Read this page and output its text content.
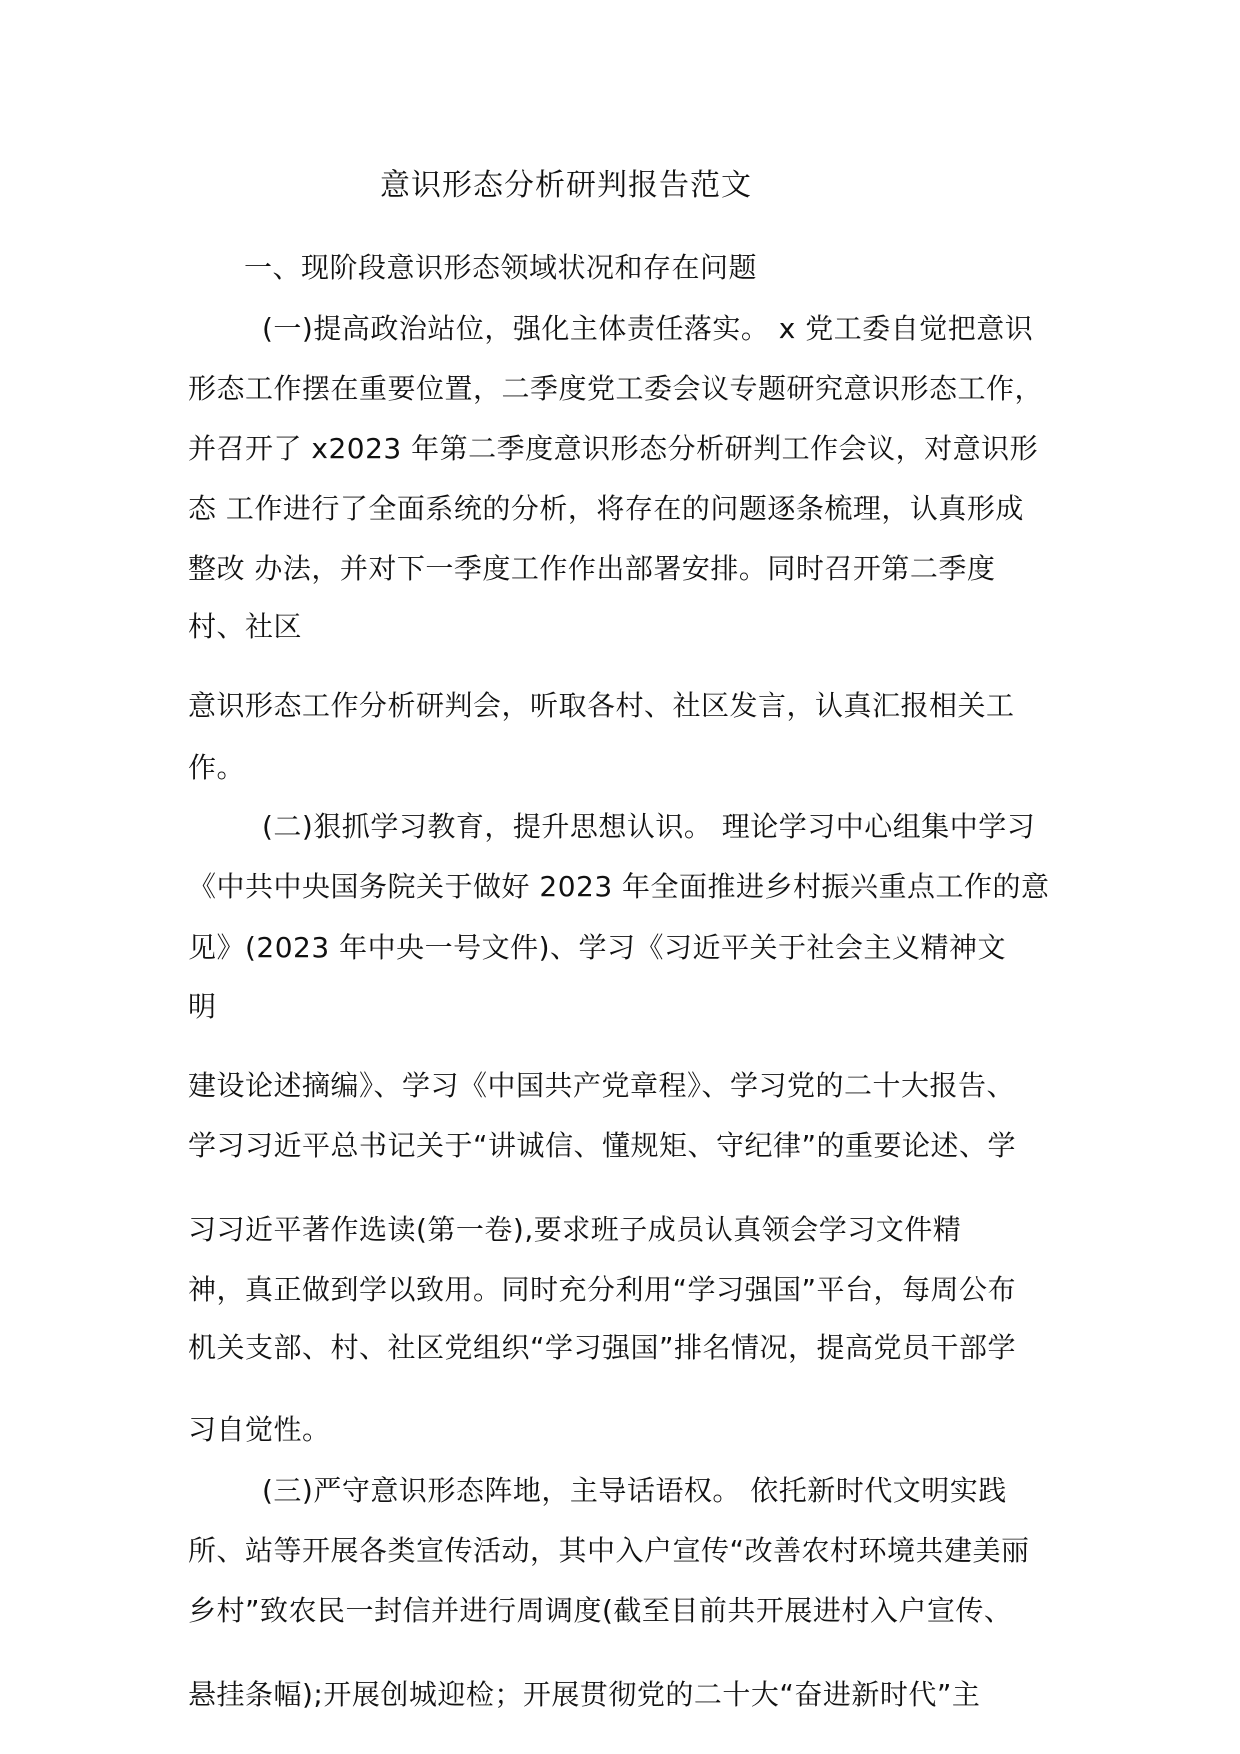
意识形态分析研判报告范文
一、现阶段意识形态领域状况和存在问题
(一)提高政治站位，强化主体责任落实。 x 党工委自觉把意识
形态工作摆在重要位置，二季度党工委会议专题研究意识形态工作，
并召开了 x2023 年第二季度意识形态分析研判工作会议，对意识形
态 工作进行了全面系统的分析，将存在的问题逐条梳理，认真形成
整改 办法，并对下一季度工作作出部署安排。同时召开第二季度
村、社区
意识形态工作分析研判会，听取各村、社区发言，认真汇报相关工
作。
(二)狠抓学习教育，提升思想认识。 理论学习中心组集中学习
《中共中央国务院关于做好 2023 年全面推进乡村振兴重点工作的意
见》(2023 年中央一号文件)、学习《习近平关于社会主义精神文
明
建设论述摘编》、学习《中国共产党章程》、学习党的二十大报告、
学习习近平总书记关于“讲诚信、懂规矩、守纪律”的重要论述、学
习习近平著作选读(第一卷),要求班子成员认真领会学习文件精
神，真正做到学以致用。同时充分利用“学习强国”平台，每周公布
机关支部、村、社区党组织“学习强国”排名情况，提高党员干部学
习自觉性。
(三)严守意识形态阵地，主导话语权。 依托新时代文明实践
所、站等开展各类宣传活动，其中入户宣传“改善农村环境共建美丽
乡村”致农民一封信并进行周调度(截至目前共开展进村入户宣传、
悬挂条幅);开展创城迎检；开展贯彻党的二十大“奋进新时代”主
